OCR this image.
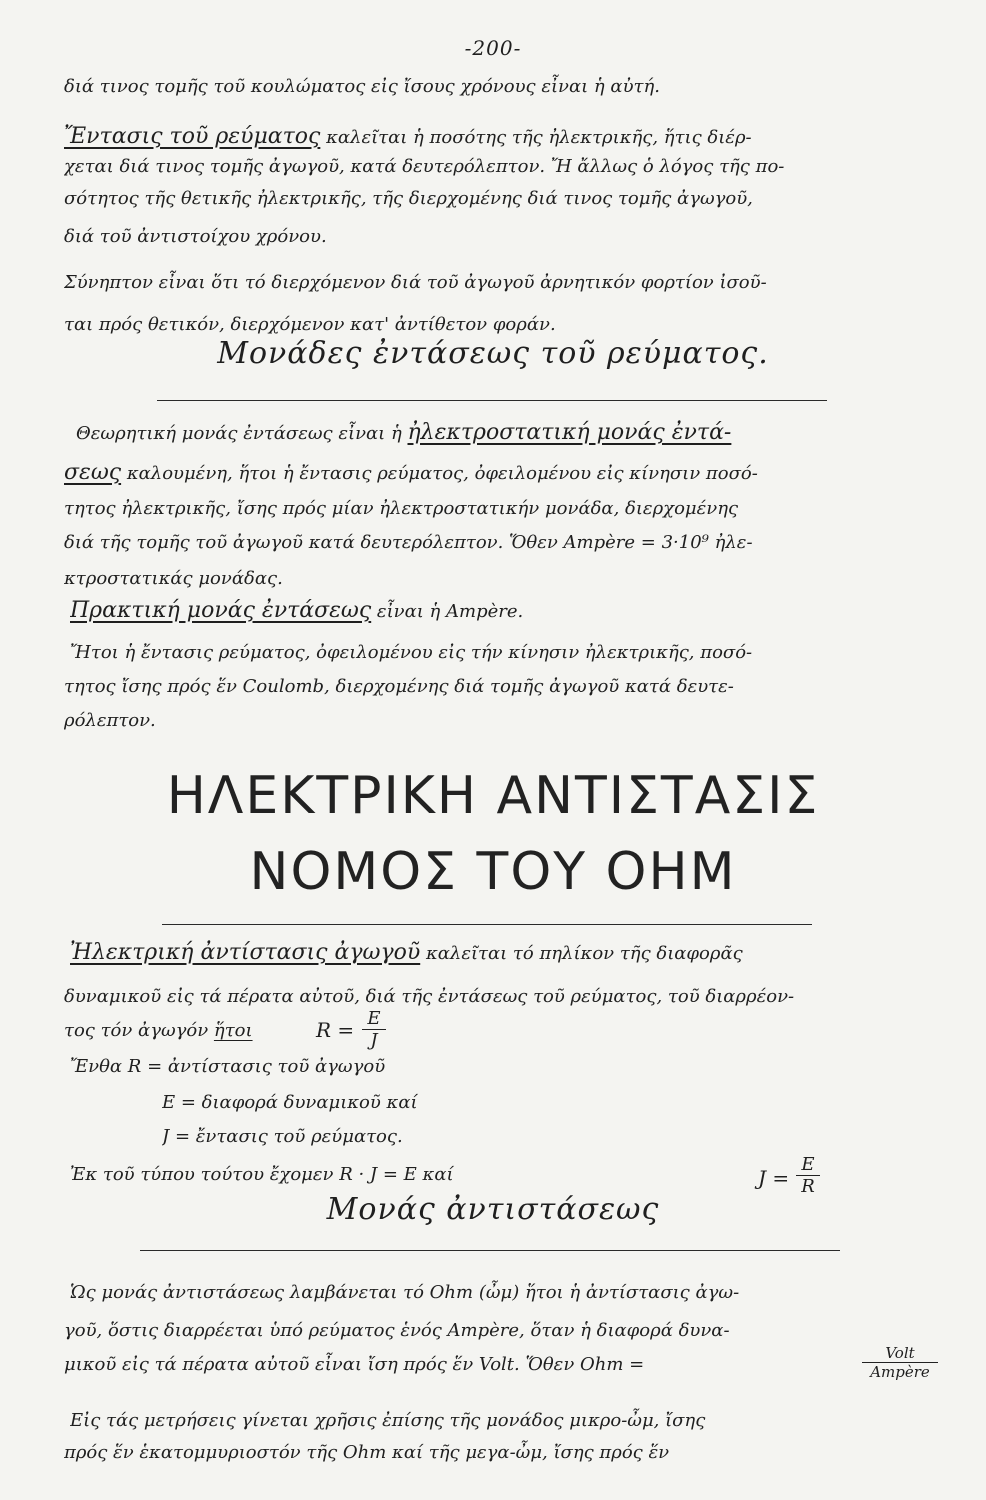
-200-
διά τινος τομῆς τοῦ κουλώματος εἰς ἴσους χρόνους εἶναι ἡ αὐτή.
Ἔντασις τοῦ ρεύματος καλεῖται ἡ ποσότης τῆς ἠλεκτρικῆς, ἥτις διέρ-
χεται διά τινος τομῆς ἀγωγοῦ, κατά δευτερόλεπτον. Ἤ ἄλλως ὁ λόγος τῆς πο-
σότητος τῆς θετικῆς ἠλεκτρικῆς, τῆς διερχομένης διά τινος τομῆς ἀγωγοῦ,
διά τοῦ ἀντιστοίχου χρόνου.
Σύνηπτον εἶναι ὅτι τό διερχόμενον διά τοῦ ἀγωγοῦ ἀρνητικόν φορτίον ἰσοῦ-
ται πρός θετικόν, διερχόμενον κατ' ἀντίθετον φοράν.
Μονάδες ἐντάσεως τοῦ ρεύματος.
Θεωρητική μονάς ἐντάσεως εἶναι ἡ ἠλεκτροστατική μονάς ἐντά-
σεως καλουμένη, ἥτοι ἡ ἔντασις ρεύματος, ὀφειλομένου εἰς κίνησιν ποσό-
τητος ἠλεκτρικῆς, ἴσης πρός μίαν ἠλεκτροστατικήν μονάδα, διερχομένης
διά τῆς τομῆς τοῦ ἀγωγοῦ κατά δευτερόλεπτον. Ὅθεν Ampère = 3·10⁹ ἠλε-
κτροστατικάς μονάδας.
Πρακτική μονάς ἐντάσεως εἶναι ἡ Ampère.
Ἤτοι ἡ ἔντασις ρεύματος, ὀφειλομένου εἰς τήν κίνησιν ἠλεκτρικῆς, ποσό-
τητος ἴσης πρός ἕν Coulomb, διερχομένης διά τομῆς ἀγωγοῦ κατά δευτε-
ρόλεπτον.
ΗΛΕΚΤΡΙΚΗ ΑΝΤΙΣΤΑΣΙΣ
ΝΟΜΟΣ ΤΟΥ ΟΗΜ
Ἠλεκτρική ἀντίστασις ἀγωγοῦ καλεῖται τό πηλίκον τῆς διαφορᾶς
δυναμικοῦ εἰς τά πέρατα αὐτοῦ, διά τῆς ἐντάσεως τοῦ ρεύματος, τοῦ διαρρέον-
τος τόν ἀγωγόν ἥτοι	$R = \frac{E}{J}$
Ἔνθα R = ἀντίστασις τοῦ ἀγωγοῦ
E = διαφορά δυναμικοῦ καί
J = ἔντασις τοῦ ρεύματος.
Ἐκ τοῦ τύπου τούτου ἔχομεν R · J = E καί	$J = \frac{E}{R}$
Μονάς ἀντιστάσεως
Ὡς μονάς ἀντιστάσεως λαμβάνεται τό Ohm (ὦμ) ἥτοι ἡ ἀντίστασις ἀγω-
γοῦ, ὅστις διαρρέεται ὑπό ρεύματος ἑνός Ampère, ὅταν ἡ διαφορά δυνα-
μικοῦ εἰς τά πέρατα αὐτοῦ εἶναι ἴση πρός ἕν Volt. Ὅθεν Ohm =
Volt
Ampère
Εἰς τάς μετρήσεις γίνεται χρῆσις ἐπίσης τῆς μονάδος μικρο-ὦμ, ἴσης
πρός ἕν ἑκατομμυριοστόν τῆς Ohm καί τῆς μεγα-ὦμ, ἴσης πρός ἕν
